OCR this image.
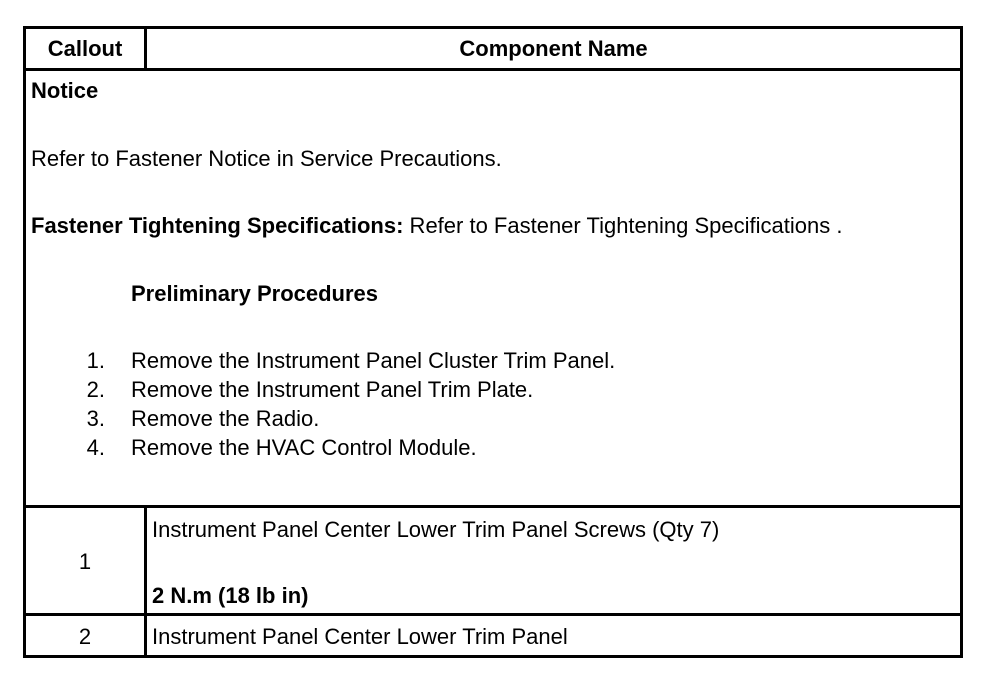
Callout	Component Name
Notice
Refer to Fastener Notice in Service Precautions.
Fastener Tightening Specifications: Refer to Fastener Tightening Specifications .
Preliminary Procedures
1. Remove the Instrument Panel Cluster Trim Panel.
2. Remove the Instrument Panel Trim Plate.
3. Remove the Radio.
4. Remove the HVAC Control Module.
1
Instrument Panel Center Lower Trim Panel Screws (Qty 7)
2 N.m (18 lb in)
2	Instrument Panel Center Lower Trim Panel
